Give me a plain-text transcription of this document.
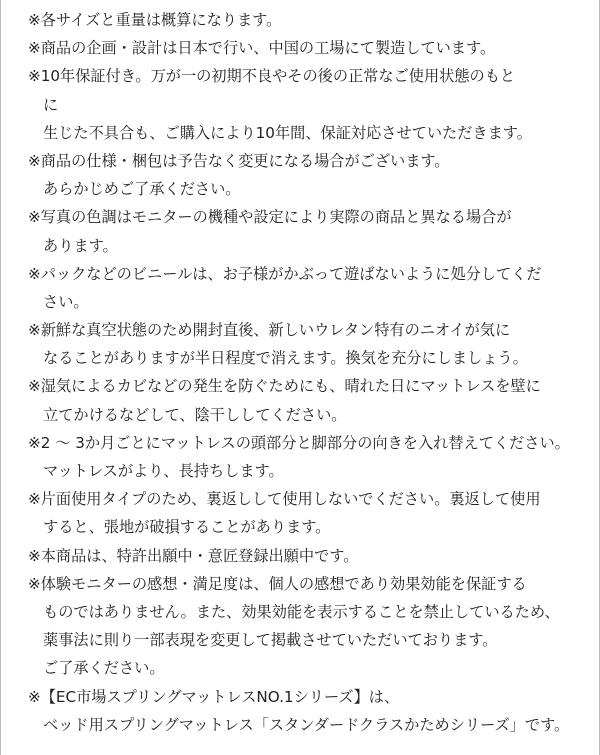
※各サイズと重量は概算になります。
※商品の企画・設計は日本で行い、中国の工場にて製造しています。
※10年保証付き。万が一の初期不良やその後の正常なご使用状態のもと
に
生じた不具合も、ご購入により10年間、保証対応させていただきます。
※商品の仕様・梱包は予告なく変更になる場合がございます。
あらかじめご了承ください。
※写真の色調はモニターの機種や設定により実際の商品と異なる場合が
あります。
※パックなどのビニールは、お子様がかぶって遊ばないように処分してくだ
さい。
※新鮮な真空状態のため開封直後、新しいウレタン特有のニオイが気に
なることがありますが半日程度で消えます。換気を充分にしましょう。
※湿気によるカビなどの発生を防ぐためにも、晴れた日にマットレスを壁に
立てかけるなどして、陰干ししてください。
※2 ～ 3か月ごとにマットレスの頭部分と脚部分の向きを入れ替えてください。
マットレスがより、長持ちします。
※片面使用タイプのため、裏返しして使用しないでください。裏返して使用
すると、張地が破損することがあります。
※本商品は、特許出願中・意匠登録出願中です。
※体験モニターの感想・満足度は、個人の感想であり効果効能を保証する
ものではありません。また、効果効能を表示することを禁止しているため、
薬事法に則り一部表現を変更して掲載させていただいております。
ご了承ください。
※【EC市場スプリングマットレスNO.1シリーズ】は、
ベッド用スプリングマットレス「スタンダードクラスかためシリーズ」です。
